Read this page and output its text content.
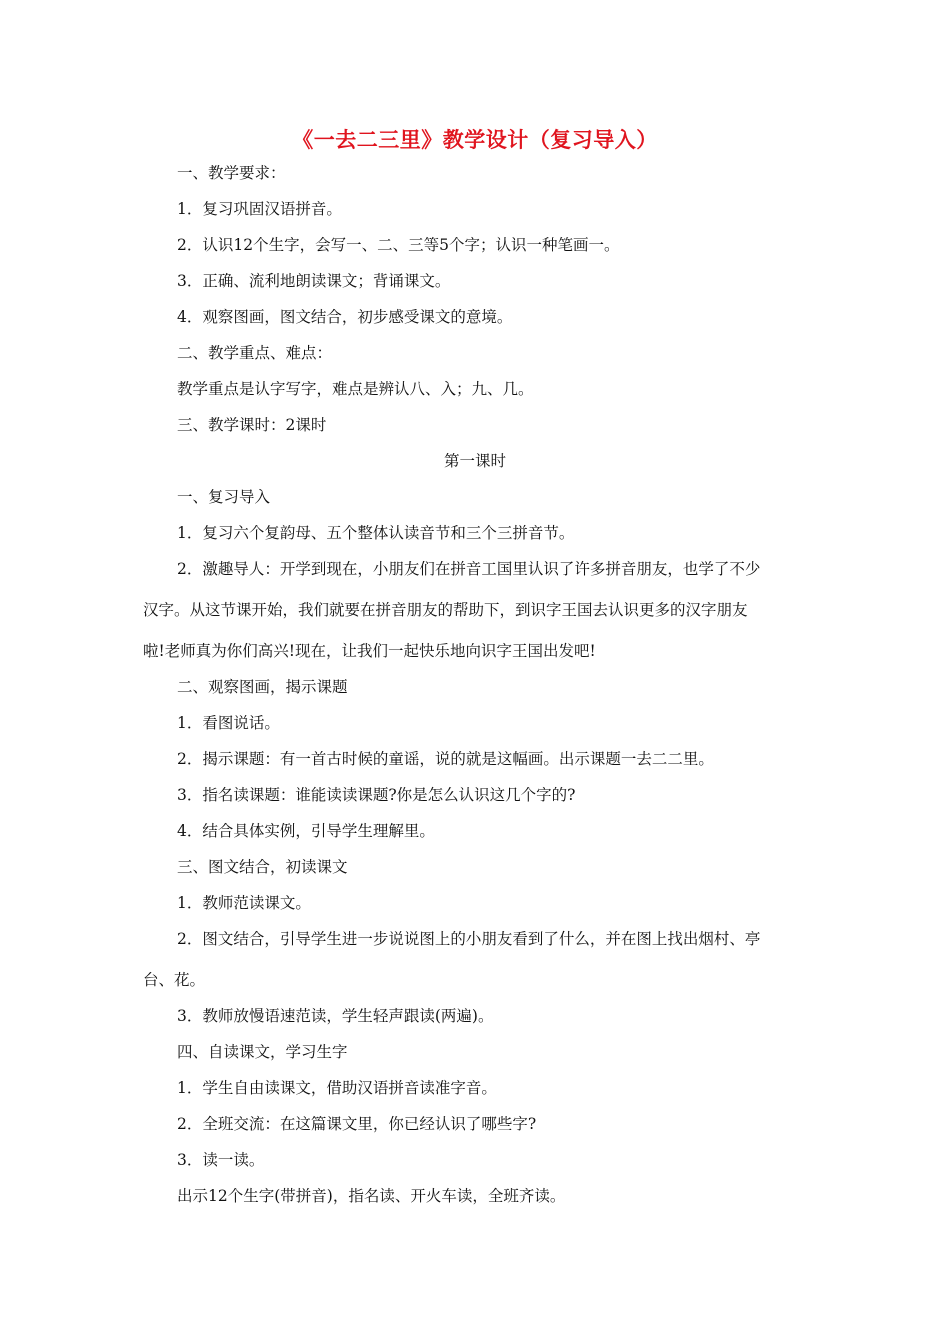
《一去二三里》教学设计（复习导入）
一、教学要求：
1．复习巩固汉语拼音。
2．认识12个生字，会写一、二、三等5个字；认识一种笔画一。
3．正确、流利地朗读课文；背诵课文。
4．观察图画，图文结合，初步感受课文的意境。
二、教学重点、难点：
教学重点是认字写字，难点是辨认八、入；九、几。
三、教学课时：2课时
第一课时
一、复习导入
1．复习六个复韵母、五个整体认读音节和三个三拼音节。
2．激趣导人：开学到现在，小朋友们在拼音工国里认识了许多拼音朋友，也学了不少
汉字。从这节课开始，我们就要在拼音朋友的帮助下，到识字王国去认识更多的汉字朋友
啦!老师真为你们高兴!现在，让我们一起快乐地向识字王国出发吧!
二、观察图画，揭示课题
1．看图说话。
2．揭示课题：有一首古时候的童谣，说的就是这幅画。出示课题一去二二里。
3．指名读课题：谁能读读课题?你是怎么认识这几个字的?
4．结合具体实例，引导学生理解里。
三、图文结合，初读课文
1．教师范读课文。
2．图文结合，引导学生进一步说说图上的小朋友看到了什么，并在图上找出烟村、亭
台、花。
3．教师放慢语速范读，学生轻声跟读(两遍)。
四、自读课文，学习生字
1．学生自由读课文，借助汉语拼音读准字音。
2．全班交流：在这篇课文里，你已经认识了哪些字?
3．读一读。
出示12个生字(带拼音)，指名读、开火车读，全班齐读。
